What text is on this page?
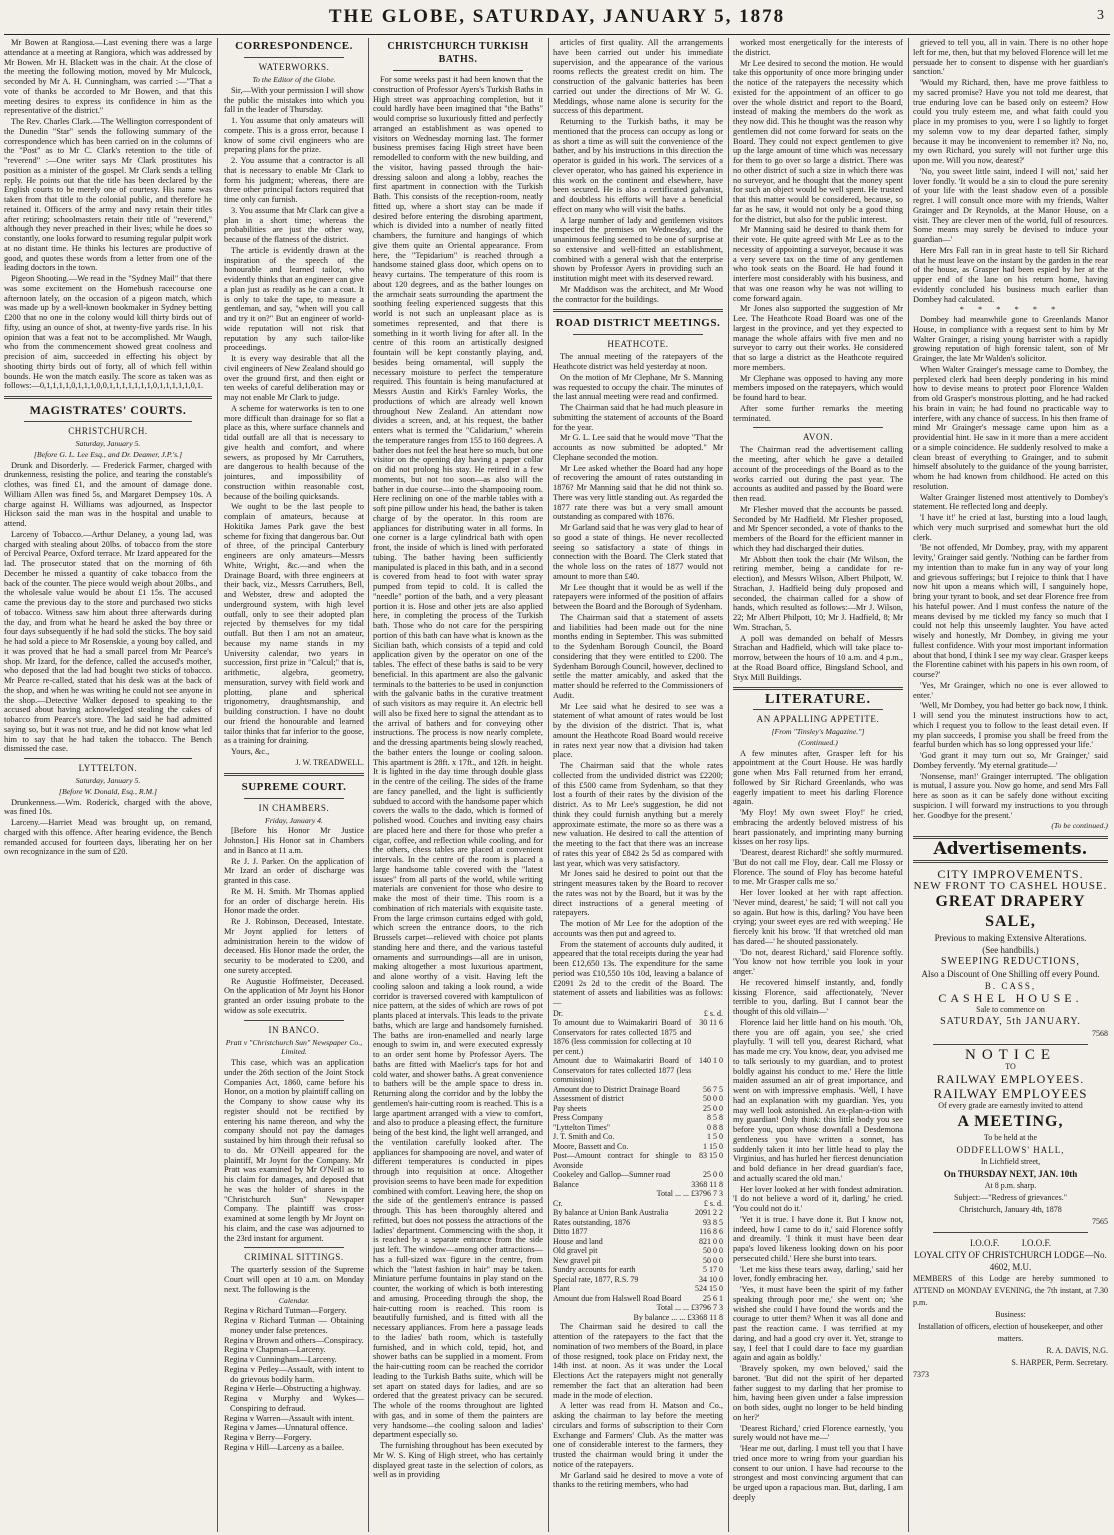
THE GLOBE, SATURDAY, JANUARY 5, 1878	3

Mr Bowen at Rangiosa.—Last evening there was a large attendance at a meeting at Rangiora, which was addressed by Mr Bowen. Mr H. Blackett was in the chair. At the close of the meeting the following motion, moved by Mr Mulcock, seconded by Mr A. H. Cunningham, was carried :—"That a vote of thanks be accorded to Mr Bowen, and that this meeting desires to express its confidence in him as the representative of the district."

The Rev. Charles Clark.—The Wellington correspondent of the Dunedin "Star" sends the following summary of the correspondence which has been carried on in the columns of the "Post" as to Mr C. Clark's retention to the title of "reverend" :—One writer says Mr Clark prostitutes his position as a minister of the gospel. Mr Clark sends a telling reply. He points out that the title has been declared by the English courts to be merely one of courtesy. His name was taken from that title to the colonial public, and therefore he retained it. Officers of the army and navy retain their titles after retiring; schoolmasters retain their title of "reverend," although they never preached in their lives; while he does so constantly, one looks forward to resuming regular pulpit work at no distant time. He thinks his lectures are productive of good, and quotes these words from a letter from one of the leading doctors in the town.

Pigeon Shooting.—We read in the "Sydney Mail" that there was some excitement on the Homebush racecourse one afternoon lately, on the occasion of a pigeon match, which was made up by a well-known bookmaker in Sydney betting £200 that no one in the colony would kill thirty birds out of fifty, using an ounce of shot, at twenty-five yards rise. In his opinion that was a feat not to be accomplished. Mr Waugh, who from the commencement showed great coolness and precision of aim, succeeded in effecting his object by shooting thirty birds out of forty, all of which fell within bounds. He won the match easily. The score as taken was as follows:—0,1,1,1,1,0,1,1,1,0,0,1,1,1,1,1,1,1,0,1,1,1,1,1,0,1.

MAGISTRATES' COURTS.
CHRISTCHURCH.
Saturday, January 5.
[Before G. L. Lee Esq., and Dr. Deamer, J.P.'s.]

Drunk and Disorderly. — Frederick Farmer, charged with drunkenness, resisting the police, and tearing the constable's clothes, was fined £1, and the amount of damage done. William Allen was fined 5s, and Margaret Dempsey 10s. A charge against H. Williams was adjourned, as Inspector Hickson said the man was in the hospital and unable to attend.

Larceny of Tobacco.—Arthur Delaney, a young lad, was charged with stealing about 20lbs. of tobacco from the store of Percival Pearce, Oxford terrace. Mr Izard appeared for the lad. The prosecutor stated that on the morning of 6th December he missed a quantity of cake tobacco from the back of the counter. The piece would weigh about 20lbs., and the wholesale value would be about £1 15s. The accused came the previous day to the store and purchased two sticks of tobacco. Witness saw him about three afterwards during the day, and from what he heard he asked the boy three or four days subsequently if he had sold the sticks. The boy said he had sold a piece to Mr Rosenskie, a young boy called, and it was proved that he had a small parcel from Mr Pearce's shop. Mr Izard, for the defence, called the accused's mother, who deposed that the lad had bought two sticks of tobacco. Mr Pearce re-called, stated that his desk was at the back of the shop, and when he was writing he could not see anyone in the shop.—Detective Walker deposed to speaking to the accused about having acknowledged stealing the cakes of tobacco from Pearce's store. The lad said he had admitted saying so, but it was not true, and he did not know what led him to say that he had taken the tobacco. The Bench dismissed the case.

LYTTELTON.
Saturday, January 5.
[Before W. Donald, Esq., R.M.]

Drunkenness.—Wm. Roderick, charged with the above, was fined 10s.

Larceny.—Harriet Mead was brought up, on remand, charged with this offence. After hearing evidence, the Bench remanded accused for fourteen days, liberating her on her own recognizance in the sum of £20.

CORRESPONDENCE.
WATERWORKS.
To the Editor of the Globe.

Sir,—With your permission I will show the public the mistakes into which you fall in the leader of Thursday.

1. You assume that only amateurs will compete. This is a gross error, because I know of some civil engineers who are preparing plans for the prize.

2. You assume that a contractor is all that is necessary to enable Mr Clark to form his judgment; whereas, there are three other principal factors required that time only can furnish.

3. You assume that Mr Clark can give a plan in a short time; whereas the probabilities are just the other way, because of the flatness of the district.

The article is evidently drawn at the inspiration of the speech of the honourable and learned tailor, who evidently thinks that an engineer can give a plan just as readily as he can a coat. It is only to take the tape, to measure a gentleman, and say, "when will you call and try it on?" But an engineer of world-wide reputation will not risk that reputation by any such tailor-like proceedings.

It is every way desirable that all the civil engineers of New Zealand should go over the ground first, and then eight or ten weeks of careful deliberation may or may not enable Mr Clark to judge.

A scheme for waterworks is ten to one more difficult than drainage for so flat a place as this, where surface channels and tidal outfall are all that is necessary to give health and comfort, and where sewers, as proposed by Mr Carruthers, are dangerous to health because of the jointures, and impossibility of construction within reasonable cost, because of the boiling quicksands.

We ought to be the last people to complain of amateurs, because at Hokitika James Park gave the best scheme for fixing that dangerous bar. Out of three, of the principal Canterbury engineers are only amateurs—Messrs White, Wright, &c.—and when the Drainage Board, with three engineers at their back, viz., Messrs Carruthers, Bell, and Webster, drew and adopted the underground system, with high level outfall, only to see their adopted plan rejected by themselves for my tidal outfall. But then I am not an amateur, because my name stands in my University calendar, two years in succession, first prize in "Calcul;" that is, arithmetic, algebra, geometry, mensuration, survey with field work and plotting, plane and spherical trigonometry, draughtsmanship, and building construction. I have no doubt our friend the honourable and learned tailor thinks that far inferior to the goose, as a training for draining.

Yours, &c.,

J. W. TREADWELL.
SUPREME COURT.
IN CHAMBERS.
Friday, January 4.

[Before his Honor Mr Justice Johnston.] His Honor sat in Chambers and in Banco at 11 a.m.

Re J. J. Parker. On the application of Mr Izard an order of discharge was granted in this case.

Re M. H. Smith. Mr Thomas applied for an order of discharge herein. His Honor made the order.

Re J. Robinson, Deceased, Intestate. Mr Joynt applied for letters of administration herein to the widow of deceased. His Honor made the order, the security to be moderated to £200, and one surety accepted.

Re Augustie Hoffmeister, Deceased. On the application of Mr Joynt his Honor granted an order issuing probate to the widow as sole executrix.

IN BANCO.
Pratt v "Christchurch Sun" Newspaper Co., Limited.

This case, which was an application under the 26th section of the Joint Stock Companies Act, 1860, came before his Honor, on a motion by plaintiff calling on the Company to show cause why its register should not be rectified by entering his name thereon, and why the company should not pay the damages sustained by him through their refusal so to do. Mr O'Neill appeared for the plaintiff, Mr Joynt for the Company. Mr Pratt was examined by Mr O'Neill as to his claim for damages, and deposed that he was the holder of shares in the "Christchurch Sun" Newspaper Company. The plaintiff was cross-examined at some length by Mr Joynt on his claim, and the case was adjourned to the 23rd instant for argument.

CRIMINAL SITTINGS.

The quarterly session of the Supreme Court will open at 10 a.m. on Monday next. The following is the

Calendar.
Regina v Richard Tutman—Forgery.
Regina v Richard Tutman — Obtaining money under false pretences.
Regina v Brown and others—Conspiracy.
Regina v Chapman—Larceny.
Regina v Cunningham—Larceny.
Regina v Petley—Assault, with intent to do grievous bodily harm.
Regina v Herle—Obstructing a highway.
Regina v Murphy and Wykes—Conspiring to defraud.
Regina v Warren—Assault with intent.
Regina v James—Unnatural offence.
Regina v Berry—Forgery.
Regina v Hill—Larceny as a bailee.
CHRISTCHURCH TURKISH BATHS.

For some weeks past it had been known that the construction of Professor Ayers's Turkish Baths in High street was approaching completion, but it could hardly have been imagined that "the Baths" would comprise so luxuriously fitted and perfectly arranged an establishment as was opened to visitors on Wednesday morning last. The former business premises facing High street have been remodelled to conform with the new building, and the visitor, having passed through the hair-dressing saloon and along a lobby, reaches the first apartment in connection with the Turkish Bath. This consists of the reception-room, neatly fitted up, where a short stay can be made if desired before entering the disrobing apartment, which is divided into a number of neatly fitted chambers, the furniture and hangings of which give them quite an Oriental appearance. From here, the "Tepidarium" is reached through a handsome stained glass door, which opens on to heavy curtains. The temperature of this room is about 120 degrees, and as the bather lounges on the armchair seats surrounding the apartment the soothing feeling experienced suggests that this world is not such an unpleasant place as is sometimes represented, and that there is something in it worth living for after all. In the centre of this room an artistically designed fountain will be kept constantly playing, and, besides being ornamental, will supply the necessary moisture to perfect the temperature required. This fountain is being manufactured at Messrs Austin and Kirk's Farnley Works, the productions of which are already well known throughout New Zealand. An attendant now divides a screen, and, at his request, the bather enters what is termed the "Calidarium," wherein the temperature ranges from 155 to 160 degrees. A bather does not feel the heat here so much, but one visitor on the opening day having a paper collar on did not prolong his stay. He retired in a few moments, but not too soon—as also will the bather in due course—into the shampooing room. Here reclining on one of the marble tables with a soft pine pillow under his head, the bather is taken charge of by the operator. In this room are appliances for distributing water in all forms. In one corner is a large cylindrical bath with open front, the inside of which is lined with perforated tubing. The bather having been sufficiently manipulated is placed in this bath, and in a second is covered from head to foot with water spray pumped from tepid to cold. It is called the "needle" portion of the bath, and a very pleasant portion it is. Hose and other jets are also applied here, in completing the process of the Turkish bath. Those who do not care for the perspiring portion of this bath can have what is known as the Sicilian bath, which consists of a tepid and cold application given by the operator on one of the tables. The effect of these baths is said to be very beneficial. In this apartment are also the galvanic terminals to the batteries to be used in conjunction with the galvanic baths in the curative treatment of such visitors as may require it. An electric bell will also be fixed here to signal the attendant as to the arrival of bathers and for conveying other instructions. The process is now nearly complete, and the dressing apartments being slowly reached, the bather enters the lounge or cooling saloon. This apartment is 28ft. x 17ft., and 12ft. in height. It is lighted in the day time through double glass in the centre of the ceiling. The sides of the frame are fancy panelled, and the light is sufficiently subdued to accord with the handsome paper which covers the walls to the dado, which is formed of polished wood. Couches and inviting easy chairs are placed here and there for those who prefer a cigar, coffee, and reflection while cooling, and for the others, chess tables are placed at convenient intervals. In the centre of the room is placed a large handsome table covered with the "latest issues" from all parts of the world, while writing materials are convenient for those who desire to make the most of their time. This room is a combination of rich materials with exquisite taste. From the large crimson curtains edged with gold, which screen the entrance doors, to the rich Brussels carpet—relieved with choice pot plants standing here and there, and the various tasteful ornaments and surroundings—all are in unison, making altogether a most luxurious apartment, and alone worthy of a visit. Having left the cooling saloon and taking a look round, a wide corridor is traversed covered with kamptulicon of nice pattern, at the sides of which are rows of pot plants placed at intervals. This leads to the private baths, which are large and handsomely furnished. The baths are iron-enamelled and nearly large enough to swim in, and were executed expressly to an order sent home by Professor Ayers. The baths are fitted with Maelicr's taps for hot and cold water, and shower baths. A great convenience to bathers will be the ample space to dress in. Returning along the corridor and by the lobby the gentlemen's hair-cutting room is reached. This is a large apartment arranged with a view to comfort, and also to produce a pleasing effect, the furniture being of the best kind, the light well arranged, and the ventilation carefully looked after. The appliances for shampooing are novel, and water of different temperatures is conducted in pipes through into requisition at once. Altogether provision seems to have been made for expedition combined with comfort. Leaving here, the shop on the side of the gentlemen's entrance is passed through. This has been thoroughly altered and refitted, but does not possess the attractions of the ladies' department. Commencing with the shop, it is reached by a separate entrance from the side just left. The window—among other attractions—has a full-sized wax figure in the centre, from which the "latest fashion in hair" may be taken. Miniature perfume fountains in play stand on the counter, the working of which is both interesting and amusing. Proceeding through the shop, the hair-cutting room is reached. This room is beautifully furnished, and is fitted with all the necessary appliances. From here a passage leads to the ladies' bath room, which is tastefully furnished, and in which cold, tepid, hot, and shower baths can be supplied in a moment. From the hair-cutting room can be reached the corridor leading to the Turkish Baths suite, which will be set apart on stated days for ladies, and are so ordered that the greatest privacy can be secured. The whole of the rooms throughout are lighted with gas, and in some of them the painters are very handsome—the cooling saloon and ladies' department especially so.

The furnishing throughout has been executed by Mr W. S. King of High street, who has certainly displayed great taste in the selection of colors, as well as in providing

articles of first quality. All the arrangements have been carried out under his immediate supervision, and the appearance of the various rooms reflects the greatest credit on him. The construction of the galvanic batteries has been carried out under the directions of Mr W. G. Meddings, whose name alone is security for the success of this department.

Returning to the Turkish baths, it may be mentioned that the process can occupy as long or as short a time as will suit the convenience of the bather, and by his instructions in this direction the operator is guided in his work. The services of a clever operator, who has gained his experience in this work on the continent and elsewhere, have been secured. He is also a certificated galvanist, and doubtless his efforts will have a beneficial effect on many who will visit the baths.

A large number of lady and gentlemen visitors inspected the premises on Wednesday, and the unanimous feeling seemed to be one of surprise at so extensive and well-fitted an establishment, combined with a general wish that the enterprise shown by Professor Ayers in providing such an institution might meet with its deserved reward.

Mr Maddison was the architect, and Mr Wood the contractor for the buildings.

ROAD DISTRICT MEETINGS.
HEATHCOTE.

The annual meeting of the ratepayers of the Heathcote district was held yesterday at noon.

On the motion of Mr Clephane, Mr S. Manning was requested to occupy the chair. The minutes of the last annual meeting were read and confirmed.

The Chairman said that he had much pleasure in submitting the statement of accounts of the Board for the year.

Mr G. L. Lee said that he would move "That the accounts as now submitted be adopted." Mr Clephane seconded the motion.

Mr Lee asked whether the Board had any hope of recovering the amount of rates outstanding in 1876? Mr Manning said that he did not think so. There was very little standing out. As regarded the 1877 rate there was but a very small amount outstanding as compared with 1876.

Mr Garland said that he was very glad to hear of so good a state of things. He never recollected seeing so satisfactory a state of things in connection with the Board. The Clerk stated that the whole loss on the rates of 1877 would not amount to more than £40.

Mr Lee thought that it would be as well if the ratepayers were informed of the position of affairs between the Board and the Borough of Sydenham.

The Chairman said that a statement of assets and liabilities had been made out for the nine months ending in September. This was submitted to the Sydenham Borough Council, the Board considering that they were entitled to £200. The Sydenham Borough Council, however, declined to settle the matter amicably, and asked that the matter should be referred to the Commissioners of Audit.

Mr Lee said what he desired to see was a statement of what amount of rates would be lost by the division of the district. That is, what amount the Heathcote Road Board would receive in rates next year now that a division had taken place.

The Chairman said that the whole rates collected from the undivided district was £2200; of this £500 came from Sydenham, so that they lost a fourth of their rates by the division of the district. As to Mr Lee's suggestion, he did not think they could furnish anything but a merely approximate estimate, the more so as there was a new valuation. He desired to call the attention of the meeting to the fact that there was an increase of rates this year of £842 2s 5d as compared with last year, which was very satisfactory.

Mr Jones said he desired to point out that the stringent measures taken by the Board to recover the rates was not by the Board, but it was by the direct instructions of a general meeting of ratepayers.

The motion of Mr Lee for the adoption of the accounts was then put and agreed to.

From the statement of accounts duly audited, it appeared that the total receipts during the year had been £12,650 13s. The expenditure for the same period was £10,550 10s 10d, leaving a balance of £2091 2s 2d to the credit of the Board. The statement of assets and liabilities was as follows:—

Dr.	£ s. d.
To amount due to Waimakariri Board of Conservators for rates collected 1875 and 1876 (less commission for collecting at 10 per cent.)	30 11 6
Amount due to Waimakariri Board of Conservators for rates collected 1877 (less commission)	140 1 0
Amount due to District Drainage Board	56 7 5
Assessment of district	50 0 0
Pay sheets	25 0 0
Press Company	8 5 8
"Lyttelton Times"	0 8 8
J. T. Smith and Co.	1 5 0
Moore, Bassett and Co.	1 15 0
Post—Amount contract for shingle to Avonside	83 15 0
Cookeley and Gallop—Sumner road	25 0 0
Balance	3368 11 8
Total ... ... £3796 7 3	
Cr.	£ s. d.
By balance at Union Bank Australia	2091 2 2
Rates outstanding, 1876	93 8 5
Ditto 1877	116 8 6
House and land	821 0 0
Old gravel pit	50 0 0
New gravel pit	50 0 0
Sundry accounts for earth	5 17 0
Special rate, 1877, R.S. 79	34 10 0
Plant	524 15 0
Amount due from Halswell Road Board	25 6 1
Total ... ... £3796 7 3	
By balance ... ... £3368 11 8	

The Chairman said he desired to call the attention of the ratepayers to the fact that the nomination of two members of the Board, in place of those resigned, took place on Friday next, the 14th inst. at noon. As it was under the Local Elections Act the ratepayers might not generally remember the fact that an alteration had been made in the mode of election.

A letter was read from H. Matson and Co., asking the chairman to lay before the meeting circulars and forms of subscription to their Corn Exchange and Farmers' Club. As the matter was one of considerable interest to the farmers, they trusted the chairman would bring it under the notice of the ratepayers.

Mr Garland said he desired to move a vote of thanks to the retiring members, who had

worked most energetically for the interests of the district.

Mr Lee desired to second the motion. He would take this opportunity of once more bringing under the notice of the ratepayers the necessity which existed for the appointment of an officer to go over the whole district and report to the Board, instead of making the members do the work as they now did. This he thought was the reason why gentlemen did not come forward for seats on the Board. They could not expect gentlemen to give up the large amount of time which was necessary for them to go over so large a district. There was no other district of such a size in which there was no surveyor, and he thought that the money spent for such an object would be well spent. He trusted that this matter would be considered, because, so far as he saw, it would not only be a good thing for the district, but also for the public interest.

Mr Manning said he desired to thank them for their vote. He quite agreed with Mr Lee as to the necessity of appointing a surveyor, because it was a very severe tax on the time of any gentlemen who took seats on the Board. He had found it interfere most considerably with his business, and that was one reason why he was not willing to come forward again.

Mr Jones also supported the suggestion of Mr Lee. The Heathcote Road Board was one of the largest in the province, and yet they expected to manage the whole affairs with five men and no surveyor to carry out their works. He considered that so large a district as the Heathcote required more members.

Mr Clephane was opposed to having any more members imposed on the ratepayers, which would be found hard to bear.

After some further remarks the meeting terminated.

AVON.

The Chairman read the advertisement calling the meeting, after which he gave a detailed account of the proceedings of the Board as to the works carried out during the past year. The accounts as audited and passed by the Board were then read.

Mr Flesher moved that the accounts be passed. Seconded by Mr Hadfield. Mr Flesher proposed, and Mr Spencer seconded, a vote of thanks to the members of the Board for the efficient manner in which they had discharged their duties.

Mr Abbott then took the chair (Mr Wilson, the retiring member, being a candidate for re-election), and Messrs Wilson, Albert Philpott, W. Strachan, J. Hadfield being duly proposed and seconded, the chairman called for a show of hands, which resulted as follows:—Mr J. Wilson, 22; Mr Albert Philpott, 10; Mr J. Hadfield, 8; Mr Wm. Strachan, 5.

A poll was demanded on behalf of Messrs Strachan and Hadfield, which will take place to-morrow, between the hours of 10 a.m. and 4 p.m., at the Road Board office, Bingsland School, and Styx Mill Buildings.

LITERATURE.
AN APPALLING APPETITE.
[From "Tinsley's Magazine."]
(Continued.)

A few minutes after, Grasper left for his appointment at the Court House. He was hardly gone when Mrs Fall returned from her errand, followed by Sir Richard Greenlands, who was eagerly impatient to meet his darling Florence again.

'My Floy! My own sweet Floy!' he cried, embracing the ardently beloved mistress of his heart passionately, and imprinting many burning kisses on her rosy lips.

'Dearest, dearest Richard!' she softly murmured. 'But do not call me Floy, dear. Call me Flossy or Florence. The sound of Floy has become hateful to me. Mr Grasper calls me so.'

Her lover looked at her with rapt affection. 'Never mind, dearest,' he said; 'I will not call you so again. But how is this, darling? You have been crying; your sweet eyes are red with weeping.' He fiercely knit his brow. 'If that wretched old man has dared—' he shouted passionately.

'Do not, dearest Richard,' said Florence softly. 'You know not how terrible you look in your anger.'

He recovered himself instantly, and, fondly kissing Florence, said affectionately, 'Never terrible to you, darling. But I cannot bear the thought of this old villain—'

Florence laid her little hand on his mouth. 'Oh, there you are off again, you see,' she cried playfully. 'I will tell you, dearest Richard, what has made me cry. You know, dear, you advised me to talk seriously to my guardian, and to protest boldly against his conduct to me.' Here the little maiden assumed an air of great importance, and went on with impressive emphasis. 'Well, I have had an explanation with my guardian. Yes, you may well look astonished. An ex-plan-a-tion with my guardian! Only think: this little body you see before you, upon whose downfall a Desdemona gentleness you have written a sonnet, has suddenly taken it into her little head to play the Virginius, and has hurled her fiercest denunciation and bold defiance in her dread guardian's face, and actually scared the old man.'

Her lover looked at her with fondest admiration. 'I do not believe a word of it, darling,' he cried. 'You could not do it.'

'Yet it is true. I have done it. But I know not, indeed, how I came to do it,' said Florence softly and dreamily. 'I think it must have been dear papa's loved likeness looking down on his poor persecuted child.' Here she burst into tears.

'Let me kiss these tears away, darling,' said her lover, fondly embracing her.

'Yes, it must have been the spirit of my father speaking through poor me,' she went on; 'she wished she could I have found the words and the courage to utter them? When it was all done and past the reaction came. I was terrified at my daring, and had a good cry over it. Yet, strange to say, I feel that I could dare to face my guardian again and again as boldly.'

'Bravely spoken, my own beloved,' said the baronet. 'But did not the spirit of her departed father suggest to my darling that her promise to him, having been given under a false impression on both sides, ought no longer to be held binding on her?'

'Dearest Richard,' cried Florence earnestly, 'you surely would not have me—'

'Hear me out, darling. I must tell you that I have tried once more to wring from your guardian his consent to our union. I have had recourse to the strongest and most convincing argument that can be urged upon a rapacious man. But, darling, I am deeply

grieved to tell you, all in vain. There is no other hope left for me, then, but that my beloved Florence will let me persuade her to consent to dispense with her guardian's sanction.'

'Would my Richard, then, have me prove faithless to my sacred promise? Have you not told me dearest, that true enduring love can be based only on esteem? How could you truly esteem me, and what faith could you place in my promises to you, were I so lightly to forget my solemn vow to my dear departed father, simply because it may be inconvenient to remember it? No, no, my own Richard, you surely will not further urge this upon me. Will you now, dearest?'

'No, you sweet little saint, indeed I will not,' said her lover fondly. 'It would be a sin to cloud the pure serenity of your life with the least shadow even of a possible regret. I will consult once more with my friends, Walter Grainger and Dr Reynolds, at the Manor House, on a visit. They are clever men of the world, full of resources. Some means may surely be devised to induce your guardian—'

Here Mrs Fall ran in in great haste to tell Sir Richard that he must leave on the instant by the garden in the rear of the house, as Grasper had been espied by her at the upper end of the lane on his return home, having evidently concluded his business much earlier than Dombey had calculated.

* * * * * *

Dombey had meanwhile gone to Greenlands Manor House, in compliance with a request sent to him by Mr Walter Grainger, a rising young barrister with a rapidly growing reputation of high forensic talent, son of Mr Grainger, the late Mr Walden's solicitor.

When Walter Grainger's message came to Dombey, the perplexed clerk had been deeply pondering in his mind how to devise means to protect poor Florence Walden from old Grasper's monstrous plotting, and he had racked his brain in vain; he had found no practicable way to interfere, with any chance of success. In his then frame of mind Mr Grainger's message came upon him as a providential hint. He saw in it more than a mere accident or a simple coincidence. He suddenly resolved to make a clean breast of everything to Grainger, and to submit himself absolutely to the guidance of the young barrister, whom he had known from childhood. He acted on this resolution.

Walter Grainger listened most attentively to Dombey's statement. He reflected long and deeply.

'I have it!' he cried at last, bursting into a loud laugh, which very much surprised and somewhat hurt the old clerk.

'Be not offended, Mr Dombey, pray, with my apparent levity,' Grainger said gently. 'Nothing can be farther from my intention than to make fun in any way of your long and grievous sufferings; but I rejoice to think that I have now hit upon a means which will, I sanguinely hope, bring your tyrant to book, and set dear Florence free from his hateful power. And I must confess the nature of the means devised by me tickled my fancy so much that I could not help this unseemly laughter. You have acted wisely and honestly, Mr Dombey, in giving me your fullest confidence. With your most important information about that bond, I think I see my way clear. Grasper keeps the Florentine cabinet with his papers in his own room, of course?'

'Yes, Mr Grainger, which no one is ever allowed to enter.'

'Well, Mr Dombey, you had better go back now, I think. I will send you the minutest instructions how to act, which I request you to follow to the least detail even. If my plan succeeds, I promise you shall be freed from the fearful burden which has so long oppressed your life.'

'God grant it may turn out so, Mr Grainger,' said Dombey fervently. 'My eternal gratitude—'

'Nonsense, man!' Grainger interrupted. 'The obligation is mutual, I assure you. Now go home, and send Mrs Fall here as soon as it can be safely done without exciting suspicion. I will forward my instructions to you through her. Goodbye for the present.'

(To be continued.)
Advertisements.
CITY IMPROVEMENTS.
NEW FRONT TO CASHEL HOUSE.
GREAT DRAPERY SALE,
Previous to making Extensive Alterations.
(See handbills.)
SWEEPING REDUCTIONS,
Also a Discount of One Shilling off every Pound.
B. CASS,
CASHEL HOUSE.
Sale to commence on
SATURDAY, 5th JANUARY.
7568
NOTICE
TO
RAILWAY EMPLOYEES.
RAILWAY EMPLOYEES
Of every grade are earnestly invited to attend
A MEETING,
To be held at the
ODDFELLOWS' HALL,
In Lichfield street,
On THURSDAY NEXT, JAN. 10th
At 8 p.m. sharp.
Subject:—"Redress of grievances."
Christchurch, January 4th, 1878
7565
I.O.O.F.          I.O.O.F.
LOYAL CITY OF CHRISTCHURCH LODGE—No. 4602, M.U.
MEMBERS of this Lodge are hereby summoned to ATTEND on MONDAY EVENING, the 7th instant, at 7.30 p.m.
Business:
Installation of officers, election of housekeeper, and other matters.
R. A. DAVIS, N.G.
S. HARPER, Perm. Secretary.
7373
